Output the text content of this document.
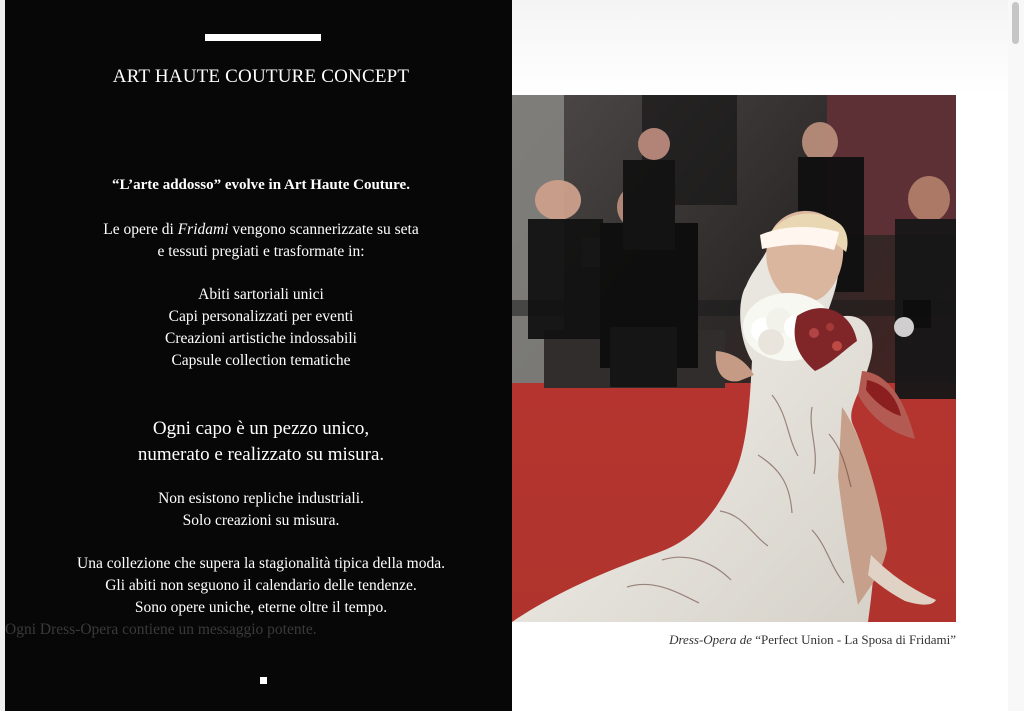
ART HAUTE COUTURE CONCEPT
“L’arte addosso” evolve in Art Haute Couture.
Le opere di Fridami vengono scannerizzate su seta
e tessuti pregiati e trasformate in:
Abiti sartoriali unici
Capi personalizzati per eventi
Creazioni artistiche indossabili
Capsule collection tematiche
Ogni capo è un pezzo unico,
numerato e realizzato su misura.
Non esistono repliche industriali.
Solo creazioni su misura.
Una collezione che supera la stagionalità tipica della moda.
Gli abiti non seguono il calendario delle tendenze.
Sono opere uniche, eterne oltre il tempo.
Ogni Dress-Opera contiene un messaggio potente.
Dress-Opera de “Perfect Union - La Sposa di Fridami”
